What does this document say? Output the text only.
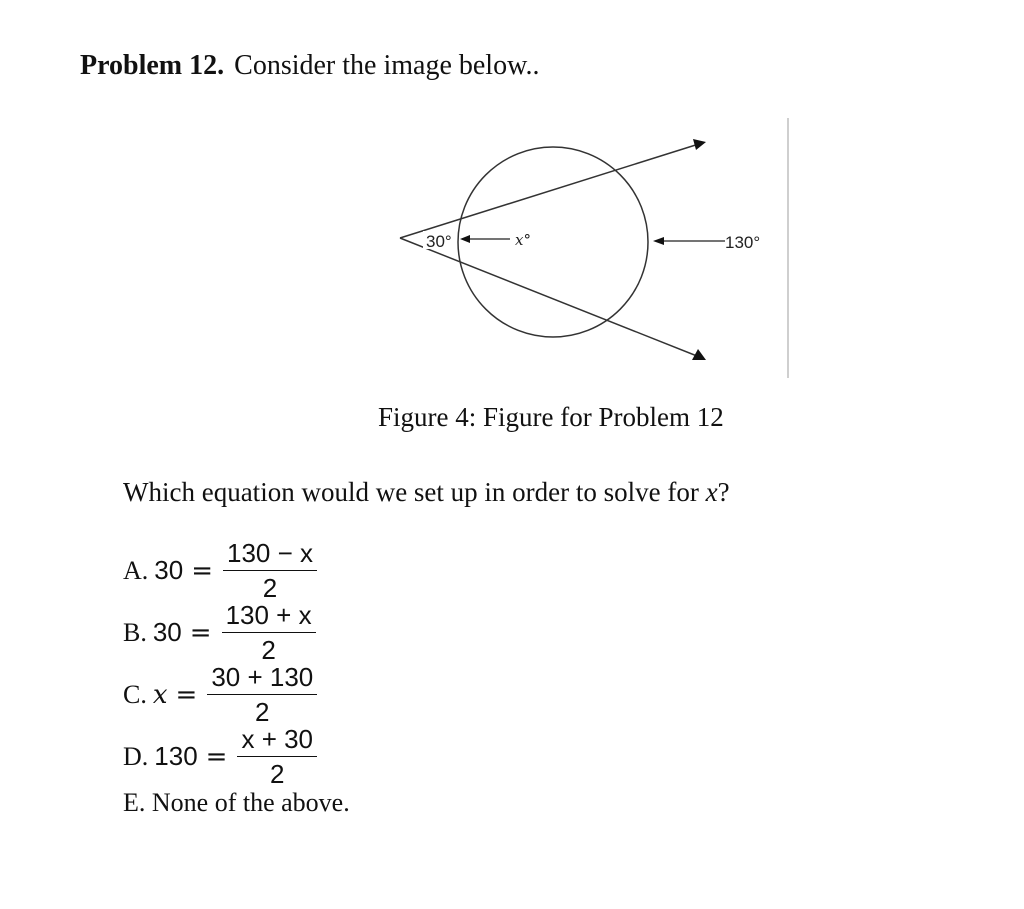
Problem 12. Consider the image below..
30°	x°	130°
Figure 4: Figure for Problem 12
Which equation would we set up in order to solve for x?
A. $30 = \frac{130 - x}{2}$
B. $30 = \frac{130 + x}{2}$
C. $x = \frac{30 + 130}{2}$
D. $130 = \frac{x + 30}{2}$
E. None of the above.
